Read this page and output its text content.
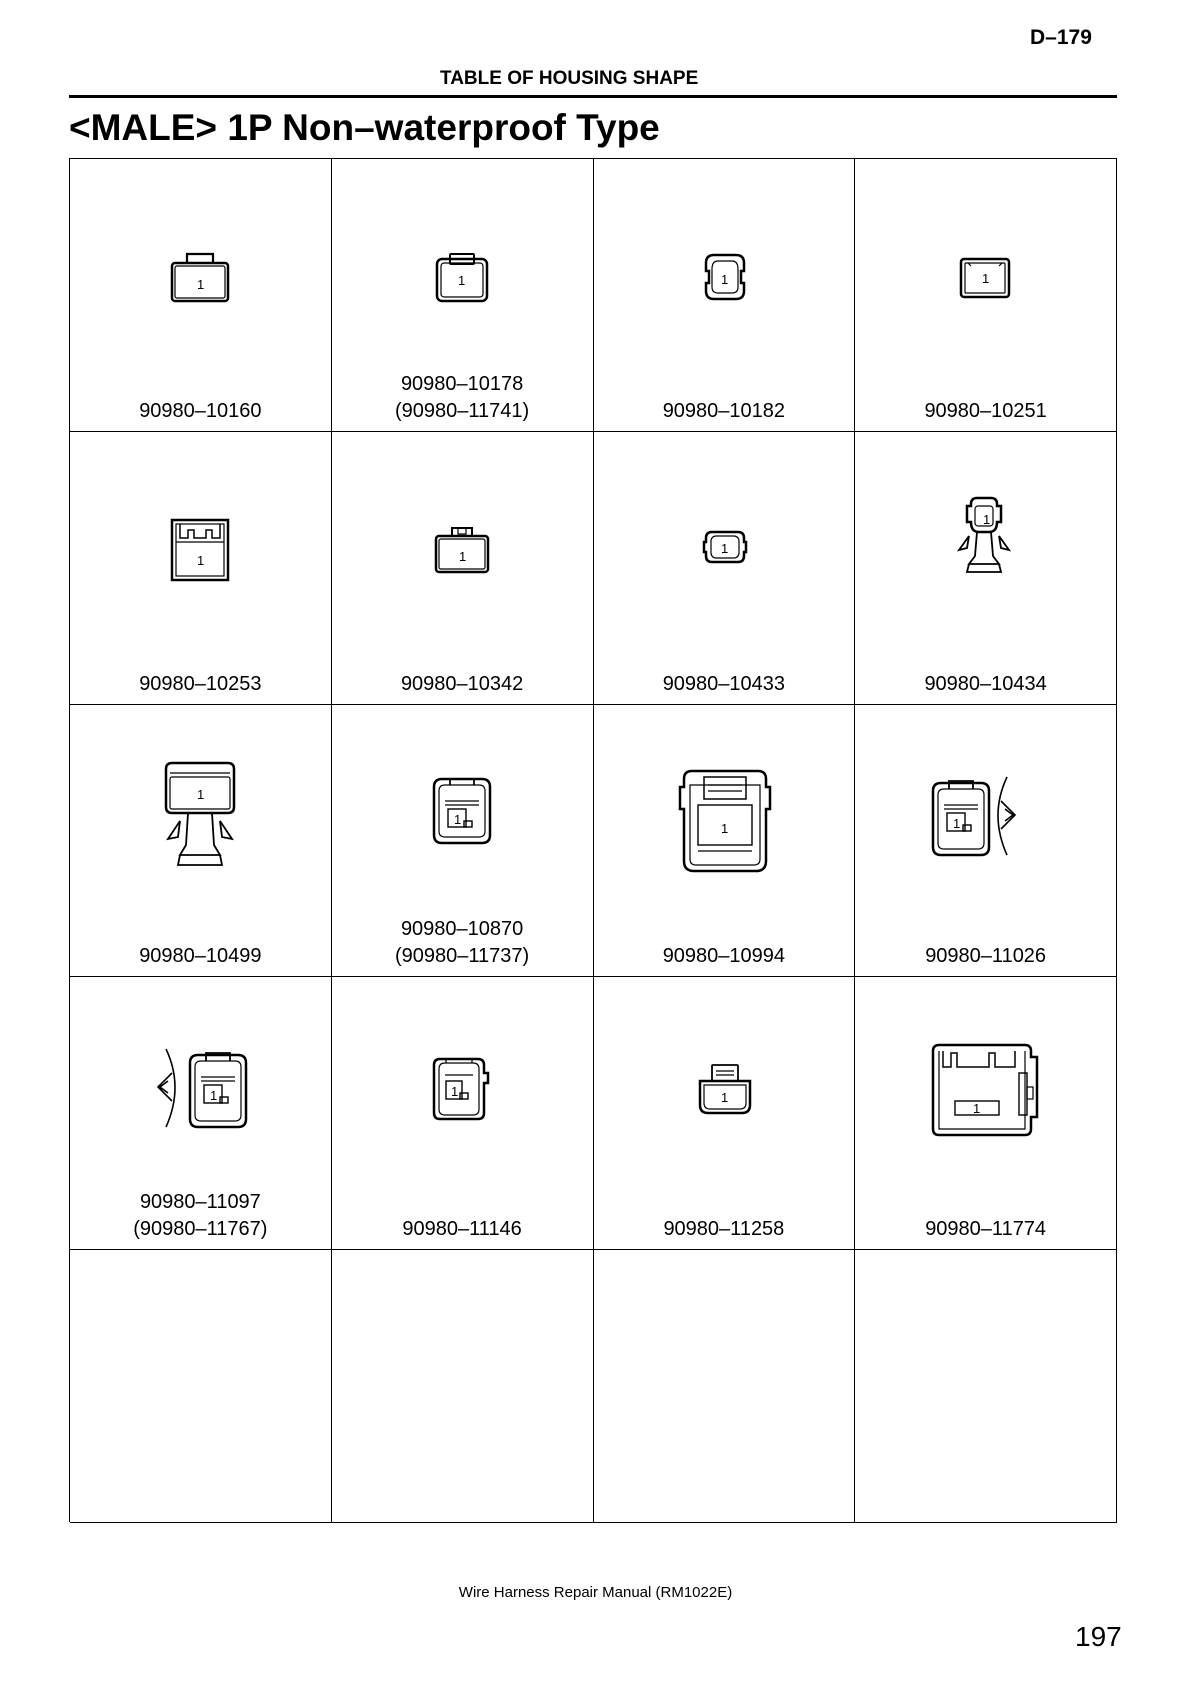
D–179
TABLE OF HOUSING SHAPE
<MALE> 1P Non–waterproof Type
1
90980–10160
1
90980–10178
(90980–11741)
1
90980–10182
1
90980–10251
1
90980–10253
1
90980–10342
1
90980–10433
1
90980–10434
1
90980–10499
1
90980–10870
(90980–11737)
1
90980–10994
1
90980–11026
1
90980–11097
(90980–11767)
1
90980–11146
1
90980–11258
1
90980–11774
Wire Harness Repair Manual (RM1022E)
197
